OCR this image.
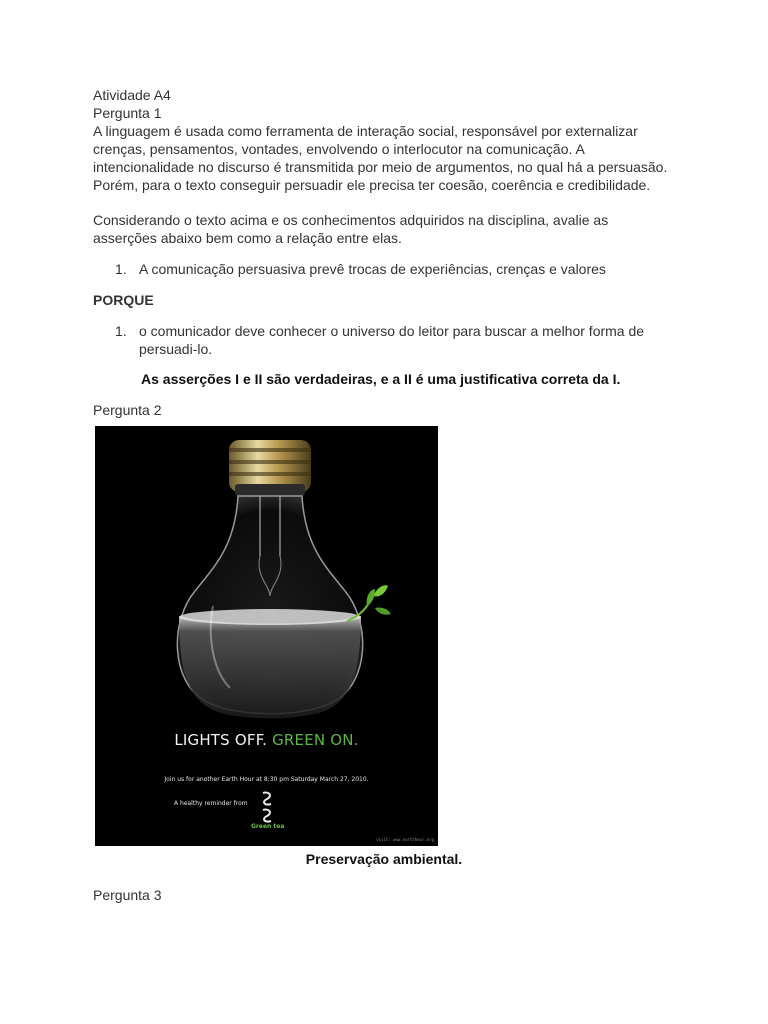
Atividade A4
Pergunta 1
A linguagem é usada como ferramenta de interação social, responsável por externalizar
crenças, pensamentos, vontades, envolvendo o interlocutor na comunicação. A
intencionalidade no discurso é transmitida por meio de argumentos, no qual há a persuasão.
Porém, para o texto conseguir persuadir ele precisa ter coesão, coerência e credibilidade.
Considerando o texto acima e os conhecimentos adquiridos na disciplina, avalie as
asserções abaixo bem como a relação entre elas.
1. A comunicação persuasiva prevê trocas de experiências, crenças e valores
PORQUE
1. o comunicador deve conhecer o universo do leitor para buscar a melhor forma de
persuadi-lo.
As asserções I e II são verdadeiras, e a II é uma justificativa correta da I.
Pergunta 2
LIGHTS OFF. GREEN ON.
Join us for another Earth Hour at 8:30 pm Saturday March 27, 2010.
A healthy reminder from
Green tea
visit: www.earthhour.org
Preservação ambiental.
Pergunta 3
